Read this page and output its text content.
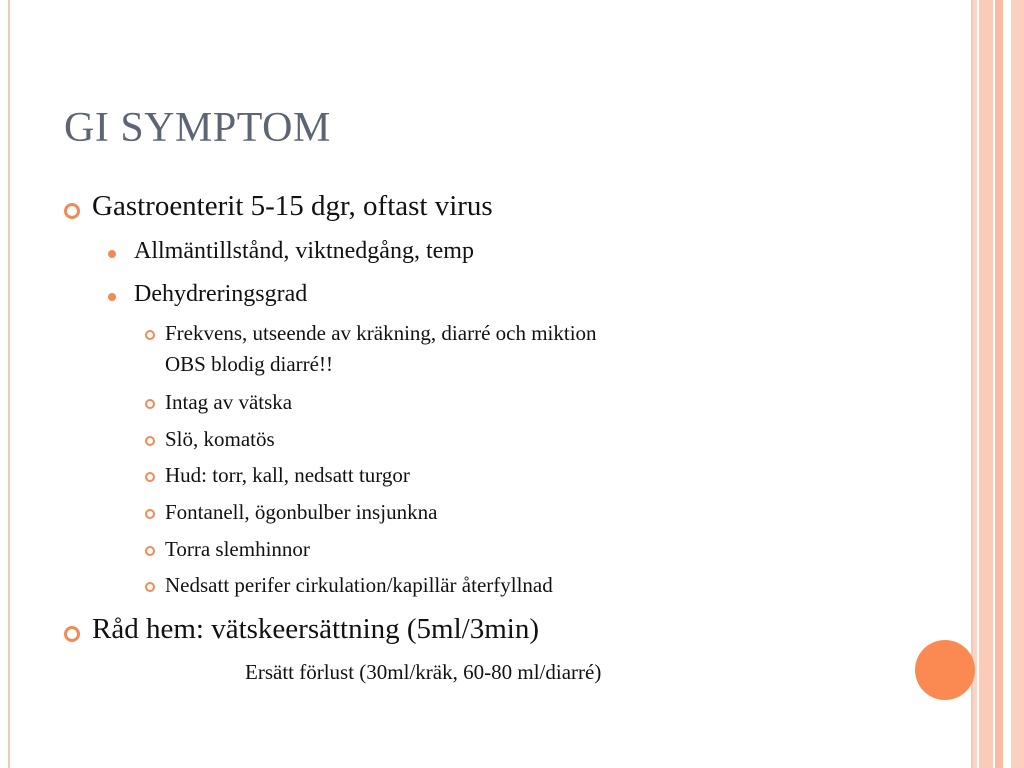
GI SYMPTOM
Gastroenterit 5-15 dgr, oftast virus
Allmäntillstånd, viktnedgång, temp
Dehydreringsgrad
Frekvens, utseende av kräkning, diarré och miktion
OBS blodig diarré!!
Intag av vätska
Slö, komatös
Hud: torr, kall, nedsatt turgor
Fontanell, ögonbulber insjunkna
Torra slemhinnor
Nedsatt perifer cirkulation/kapillär återfyllnad
Råd hem: vätskeersättning (5ml/3min)
Ersätt förlust (30ml/kräk, 60-80 ml/diarré)
